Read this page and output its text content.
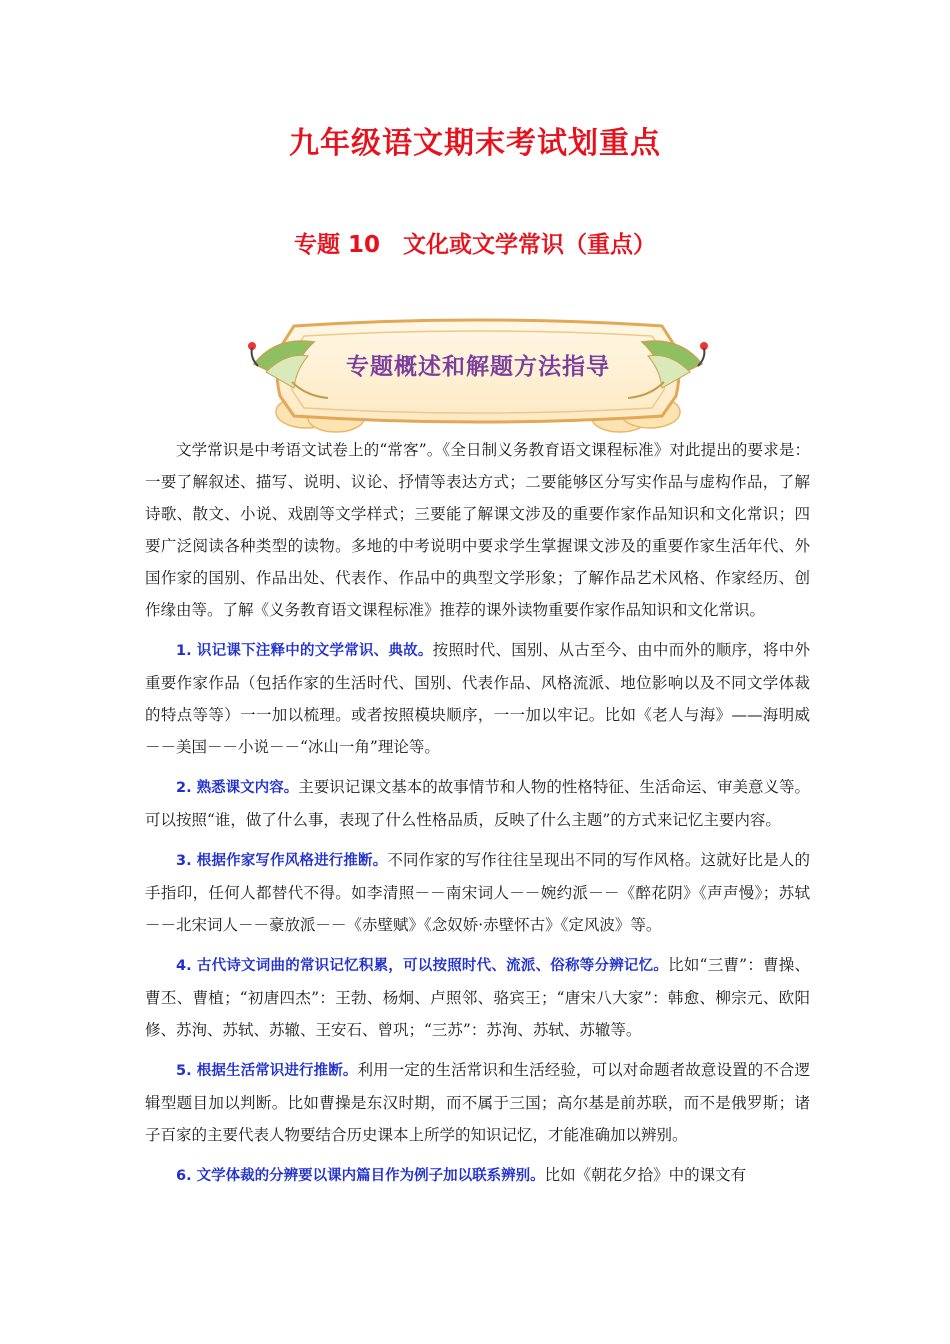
九年级语文期末考试划重点
专题 10　文化或文学常识（重点）
专题概述和解题方法指导

文学常识是中考语文试卷上的“常客”。《全日制义务教育语文课程标准》对此提出的要求是：一要了解叙述、描写、说明、议论、抒情等表达方式；二要能够区分写实作品与虚构作品，了解诗歌、散文、小说、戏剧等文学样式；三要能了解课文涉及的重要作家作品知识和文化常识；四要广泛阅读各种类型的读物。多地的中考说明中要求学生掌握课文涉及的重要作家生活年代、外国作家的国别、作品出处、代表作、作品中的典型文学形象；了解作品艺术风格、作家经历、创作缘由等。了解《义务教育语文课程标准》推荐的课外读物重要作家作品知识和文化常识。

1. 识记课下注释中的文学常识、典故。按照时代、国别、从古至今、由中而外的顺序，将中外重要作家作品（包括作家的生活时代、国别、代表作品、风格流派、地位影响以及不同文学体裁的特点等等）一一加以梳理。或者按照模块顺序，一一加以牢记。比如《老人与海》——海明威－－美国－－小说－－“冰山一角”理论等。

2. 熟悉课文内容。主要识记课文基本的故事情节和人物的性格特征、生活命运、审美意义等。可以按照“谁，做了什么事，表现了什么性格品质，反映了什么主题”的方式来记忆主要内容。

3. 根据作家写作风格进行推断。不同作家的写作往往呈现出不同的写作风格。这就好比是人的手指印，任何人都替代不得。如李清照－－南宋词人－－婉约派－－《醉花阴》《声声慢》；苏轼－－北宋词人－－豪放派－－《赤壁赋》《念奴娇·赤壁怀古》《定风波》等。

4. 古代诗文词曲的常识记忆积累，可以按照时代、流派、俗称等分辨记忆。比如“三曹”：曹操、曹丕、曹植；“初唐四杰”：王勃、杨炯、卢照邻、骆宾王；“唐宋八大家”：韩愈、柳宗元、欧阳修、苏洵、苏轼、苏辙、王安石、曾巩；“三苏”：苏洵、苏轼、苏辙等。

5. 根据生活常识进行推断。利用一定的生活常识和生活经验，可以对命题者故意设置的不合逻辑型题目加以判断。比如曹操是东汉时期，而不属于三国；高尔基是前苏联，而不是俄罗斯；诸子百家的主要代表人物要结合历史课本上所学的知识记忆，才能准确加以辨别。

6. 文学体裁的分辨要以课内篇目作为例子加以联系辨别。比如《朝花夕拾》中的课文有
